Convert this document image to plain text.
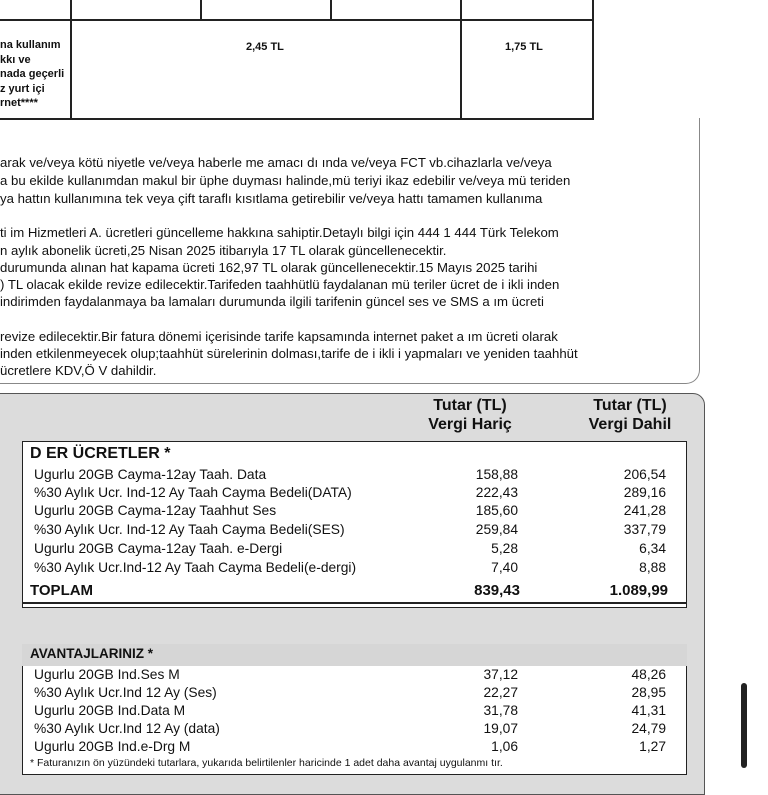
na kullanım
kkı ve
nada geçerli
z yurt içi
rnet****
2,45 TL	1,75 TL
arak ve/veya kötü niyetle ve/veya haberle me amacı dı ında ve/veya FCT vb.cihazlarla ve/veya
a bu ekilde kullanımdan makul bir üphe duyması halinde,mü teriyi ikaz edebilir ve/veya mü teriden
ya hattın kullanımına tek veya çift taraflı kısıtlama getirebilir ve/veya hattı tamamen kullanıma
ti im Hizmetleri A. ücretleri güncelleme hakkına sahiptir.Detaylı bilgi için 444 1 444 Türk Telekom
n aylık abonelik ücreti,25 Nisan 2025 itibarıyla 17 TL olarak güncellenecektir.
durumunda alınan hat kapama ücreti 162,97 TL olarak güncellenecektir.15 Mayıs 2025 tarihi
) TL olacak ekilde revize edilecektir.Tarifeden taahhütlü faydalanan mü teriler ücret de i ikli inden
indirimden faydalanmaya ba lamaları durumunda ilgili tarifenin güncel ses ve SMS a ım ücreti
revize edilecektir.Bir fatura dönemi içerisinde tarife kapsamında internet paket a ım ücreti olarak
inden etkilenmeyecek olup;taahhüt sürelerinin dolması,tarife de i ikli i yapmaları ve yeniden taahhüt
ücretlere KDV,Ö V dahildir.
Tutar (TL)
Vergi Hariç
Tutar (TL)
Vergi Dahil
D ER ÜCRETLER *
Ugurlu 20GB Cayma-12ay Taah. Data	158,88	206,54
%30 Aylık Ucr. Ind-12 Ay Taah Cayma Bedeli(DATA)	222,43	289,16
Ugurlu 20GB Cayma-12ay Taahhut Ses	185,60	241,28
%30 Aylık Ucr. Ind-12 Ay Taah Cayma Bedeli(SES)	259,84	337,79
Ugurlu 20GB Cayma-12ay Taah. e-Dergi	5,28	6,34
%30 Aylık Ucr.Ind-12 Ay Taah Cayma Bedeli(e-dergi)	7,40	8,88
TOPLAM	839,43	1.089,99
AVANTAJLARINIZ *
Ugurlu 20GB Ind.Ses M	37,12	48,26
%30 Aylık Ucr.Ind 12 Ay (Ses)	22,27	28,95
Ugurlu 20GB Ind.Data M	31,78	41,31
%30 Aylık Ucr.Ind 12 Ay (data)	19,07	24,79
Ugurlu 20GB Ind.e-Drg M	1,06	1,27
* Faturanızın ön yüzündeki tutarlara, yukarıda belirtilenler haricinde 1 adet daha avantaj uygulanmı tır.
